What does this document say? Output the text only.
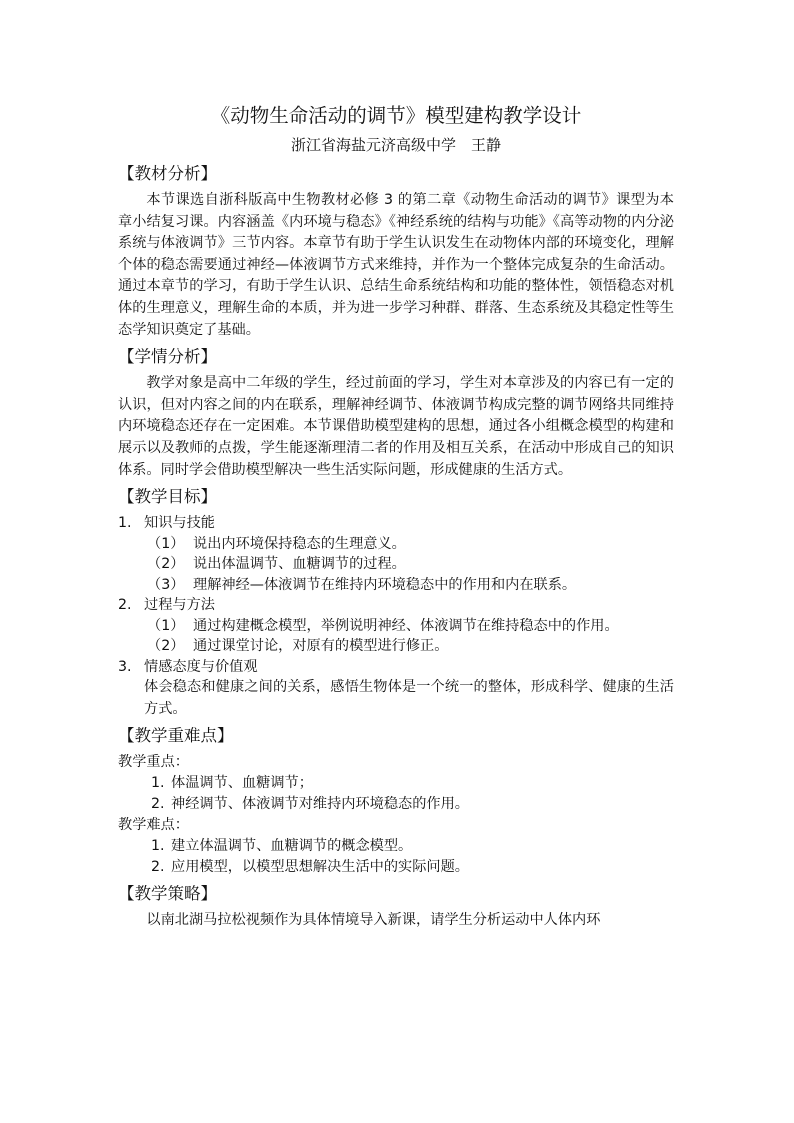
《动物生命活动的调节》模型建构教学设计

浙江省海盐元济高级中学　王静

【教材分析】

本节课选自浙科版高中生物教材必修 3 的第二章《动物生命活动的调节》课型为本章小结复习课。内容涵盖《内环境与稳态》《神经系统的结构与功能》《高等动物的内分泌系统与体液调节》三节内容。本章节有助于学生认识发生在动物体内部的环境变化，理解个体的稳态需要通过神经—体液调节方式来维持，并作为一个整体完成复杂的生命活动。通过本章节的学习，有助于学生认识、总结生命系统结构和功能的整体性，领悟稳态对机体的生理意义，理解生命的本质，并为进一步学习种群、群落、生态系统及其稳定性等生态学知识奠定了基础。

【学情分析】

教学对象是高中二年级的学生，经过前面的学习，学生对本章涉及的内容已有一定的认识，但对内容之间的内在联系，理解神经调节、体液调节构成完整的调节网络共同维持内环境稳态还存在一定困难。本节课借助模型建构的思想，通过各小组概念模型的构建和展示以及教师的点拨，学生能逐渐理清二者的作用及相互关系，在活动中形成自己的知识体系。同时学会借助模型解决一些生活实际问题，形成健康的生活方式。

【教学目标】
1. 知识与技能
（1） 说出内环境保持稳态的生理意义。
（2） 说出体温调节、血糖调节的过程。
（3） 理解神经—体液调节在维持内环境稳态中的作用和内在联系。
2. 过程与方法
（1） 通过构建概念模型，举例说明神经、体液调节在维持稳态中的作用。
（2） 通过课堂讨论，对原有的模型进行修正。
3. 情感态度与价值观
体会稳态和健康之间的关系，感悟生物体是一个统一的整体，形成科学、健康的生活方式。
【教学重难点】

教学重点：

1. 体温调节、血糖调节；
2. 神经调节、体液调节对维持内环境稳态的作用。

教学难点：

1. 建立体温调节、血糖调节的概念模型。
2. 应用模型，以模型思想解决生活中的实际问题。
【教学策略】

以南北湖马拉松视频作为具体情境导入新课，请学生分析运动中人体内环
